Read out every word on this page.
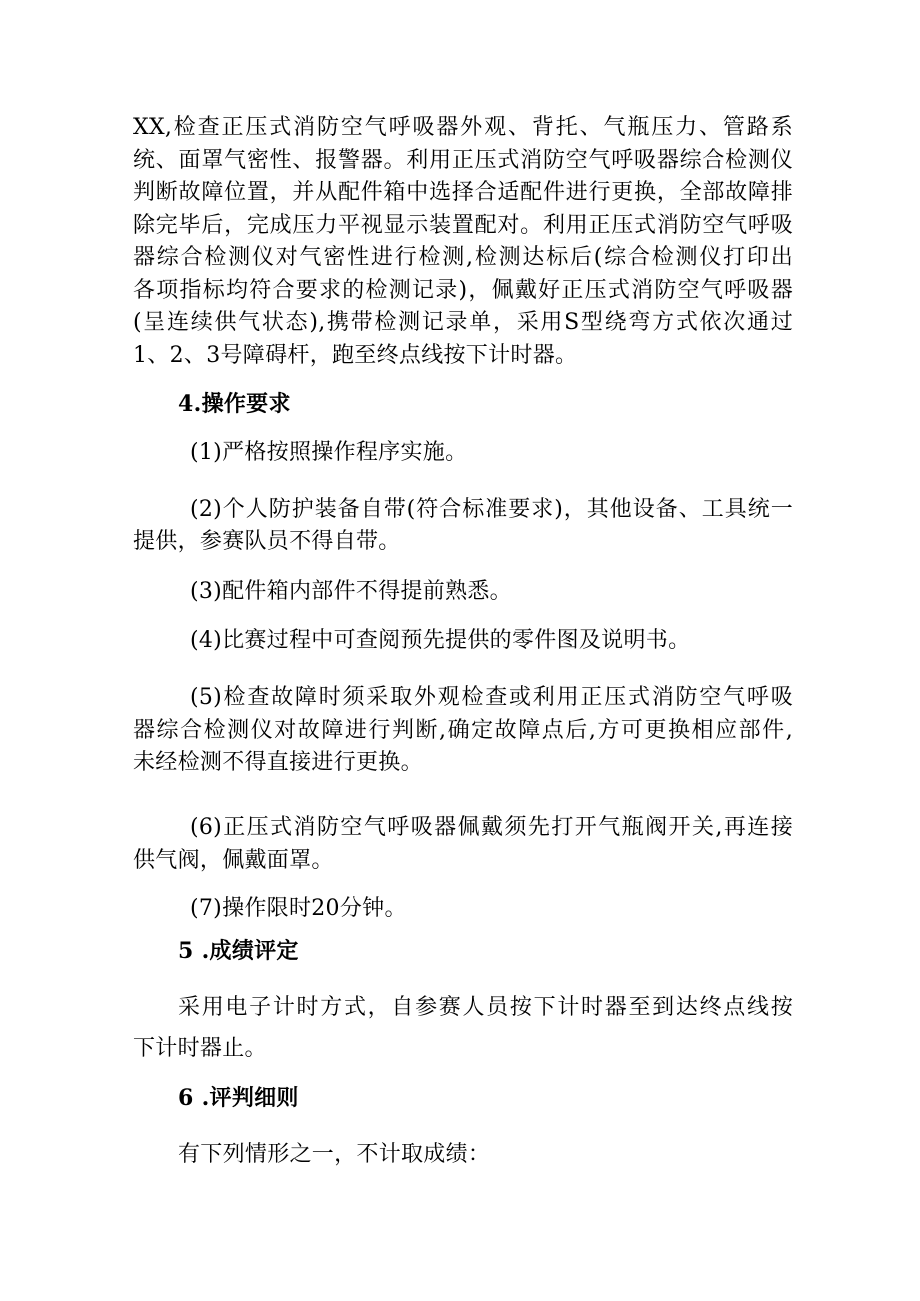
XX,检查正压式消防空气呼吸器外观、背托、气瓶压力、管路系
统、面罩气密性、报警器。利用正压式消防空气呼吸器综合检测仪
判断故障位置，并从配件箱中选择合适配件进行更换，全部故障排
除完毕后，完成压力平视显示装置配对。利用正压式消防空气呼吸
器综合检测仪对气密性进行检测,检测达标后(综合检测仪打印出
各项指标均符合要求的检测记录)，佩戴好正压式消防空气呼吸器
(呈连续供气状态),携带检测记录单，采用S型绕弯方式依次通过
1、2、3号障碍杆，跑至终点线按下计时器。
4.操作要求
(1)严格按照操作程序实施。
(2)个人防护装备自带(符合标准要求)，其他设备、工具统一
提供，参赛队员不得自带。
(3)配件箱内部件不得提前熟悉。
(4)比赛过程中可查阅预先提供的零件图及说明书。
(5)检查故障时须采取外观检查或利用正压式消防空气呼吸
器综合检测仪对故障进行判断,确定故障点后,方可更换相应部件,
未经检测不得直接进行更换。
(6)正压式消防空气呼吸器佩戴须先打开气瓶阀开关,再连接
供气阀，佩戴面罩。
(7)操作限时20分钟。
5 .成绩评定
采用电子计时方式，自参赛人员按下计时器至到达终点线按
下计时器止。
6 .评判细则
有下列情形之一，不计取成绩：
